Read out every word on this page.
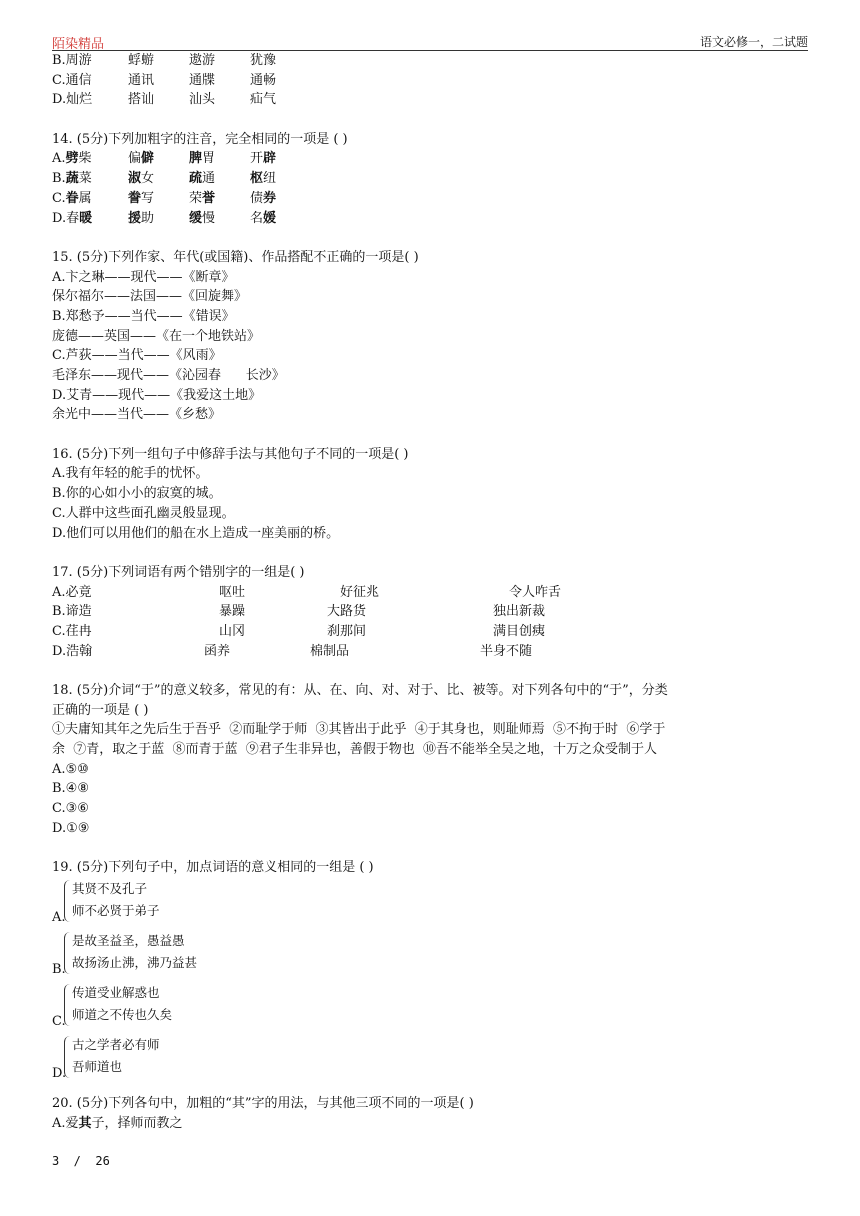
陌染精品	语文必修一，二试题
B.周游	蜉蝣	遨游	犹豫
C.通信	通讯	通牒	通畅
D.灿烂	搭讪	汕头	疝气
14. (5分)下列加粗字的注音，完全相同的一项是 ( )
A.劈柴	偏僻	脾胃	开辟
B.蔬菜	淑女	疏通	枢纽
C.眷属	誊写	荣誉	债券
D.春暖	援助	缓慢	名媛
15. (5分)下列作家、年代(或国籍)、作品搭配不正确的一项是( )
A.卞之琳——现代——《断章》
保尔福尔——法国——《回旋舞》
B.郑愁予——当代——《错误》
庞德——英国——《在一个地铁站》
C.芦荻——当代——《风雨》
毛泽东——现代——《沁园春      长沙》
D.艾青——现代——《我爱这土地》
余光中——当代——《乡愁》
16. (5分)下列一组句子中修辞手法与其他句子不同的一项是( )
A.我有年轻的舵手的忧怀。
B.你的心如小小的寂寞的城。
C.人群中这些面孔幽灵般显现。
D.他们可以用他们的船在水上造成一座美丽的桥。
17. (5分)下列词语有两个错别字的一组是( )
A.必竟	呕吐	好征兆	令人咋舌
B.谛造	暴躁	大路货	独出新裁
C.荏冉	山冈	刹那间	满目创痍
D.浩翰	函养	棉制品	半身不随
18. (5分)介词“于”的意义较多，常见的有：从、在、向、对、对于、比、被等。对下列各句中的“于”，分类
正确的一项是 ( )
①夫庸知其年之先后生于吾乎  ②而耻学于师  ③其皆出于此乎  ④于其身也，则耻师焉  ⑤不拘于时  ⑥学于
余  ⑦青，取之于蓝  ⑧而青于蓝  ⑨君子生非异也，善假于物也  ⑩吾不能举全吴之地，十万之众受制于人
A.⑤⑩
B.④⑧
C.③⑥
D.①⑨
19. (5分)下列句子中，加点词语的意义相同的一组是 ( )
其贤不及孔子
师不必贤于弟子
A.
是故圣益圣，愚益愚
故扬汤止沸，沸乃益甚
B.
传道受业解惑也
师道之不传也久矣
C.
古之学者必有师
吾师道也
D.
20. (5分)下列各句中，加粗的“其”字的用法，与其他三项不同的一项是( )
A.爱其子，择师而教之
3  /  26
